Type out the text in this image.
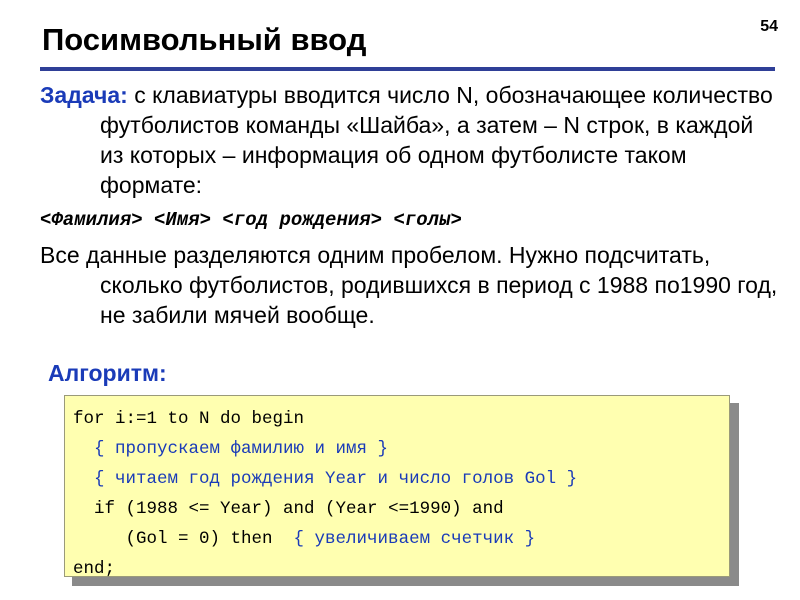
Посимвольный ввод	54

Задача: с клавиатуры вводится число N, обозначающее количество футболистов команды «Шайба», а затем – N строк, в каждой из которых – информация об одном футболисте таком формате:

<Фамилия> <Имя> <год рождения> <голы>

Все данные разделяются одним пробелом. Нужно подсчитать, сколько футболистов, родившихся в период с 1988 по1990 год, не забили мячей вообще.

Алгоритм:
for i:=1 to N do begin
{ пропускаем фамилию и имя }
{ читаем год рождения Year и число голов Gol }
if (1988 <= Year) and (Year <=1990) and
(Gol = 0) then  { увеличиваем счетчик }
end;
